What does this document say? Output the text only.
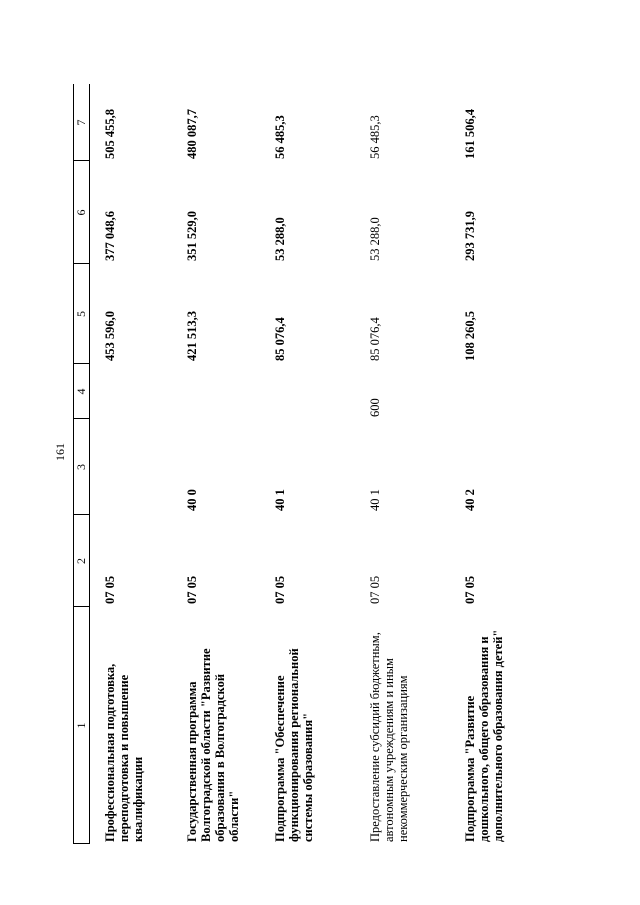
161
1
2
3
4
5
6
7
Профессиональная подготовка, переподготовка и повышение квалификации
07 05
453 596,0
377 048,6
505 455,8
Государственная программа Волгоградской области "Развитие образования в Волгоградской области"
07 05
40 0
421 513,3
351 529,0
480 087,7
Подпрограмма "Обеспечение функционирования региональной системы образования"
07 05
40 1
85 076,4
53 288,0
56 485,3
Предоставление субсидий бюджетным, автономным учреждениям и иным некоммерческим организациям
07 05
40 1
600
85 076,4
53 288,0
56 485,3
Подпрограмма "Развитие дошкольного, общего образования и дополнительного образования детей"
07 05
40 2
108 260,5
293 731,9
161 506,4
